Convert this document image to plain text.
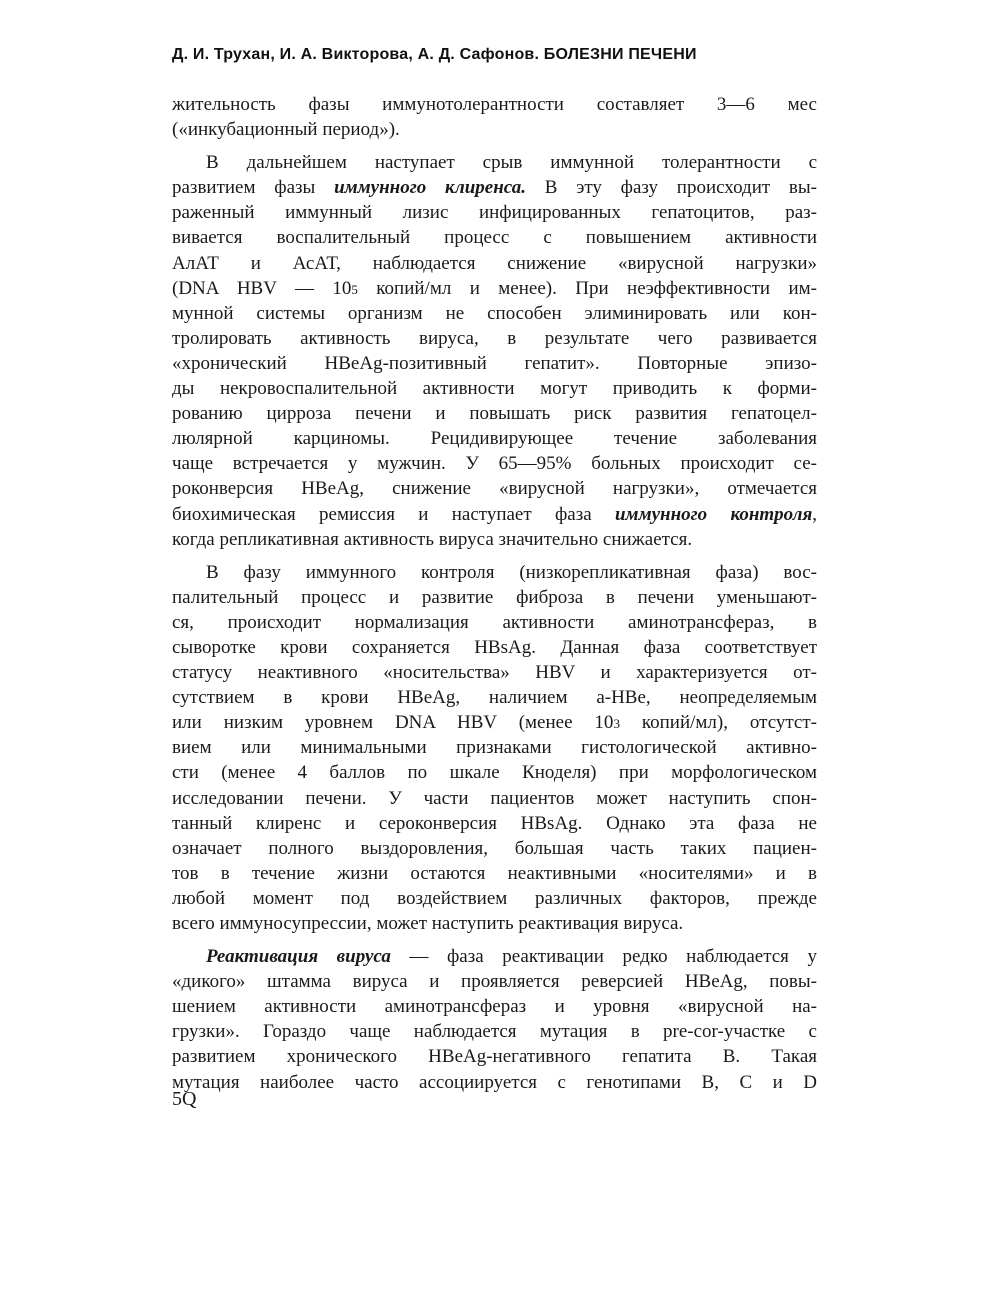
Д. И. Трухан, И. А. Викторова, А. Д. Сафонов. БОЛЕЗНИ ПЕЧЕНИ
жительность фазы иммунотолерантности составляет 3—6 мес
(«инкубационный период»).
В дальнейшем наступает срыв иммунной толерантности с
развитием фазы иммунного клиренса. В эту фазу происходит вы-
раженный иммунный лизис инфицированных гепатоцитов, раз-
вивается воспалительный процесс с повышением активности
АлАТ и АсАТ, наблюдается снижение «вирусной нагрузки»
(DNA HBV — 105 копий/мл и менее). При неэффективности им-
мунной системы организм не способен элиминировать или кон-
тролировать активность вируса, в результате чего развивается
«хронический HBeAg-позитивный гепатит». Повторные эпизо-
ды некровоспалительной активности могут приводить к форми-
рованию цирроза печени и повышать риск развития гепатоцел-
люлярной карциномы. Рецидивирующее течение заболевания
чаще встречается у мужчин. У 65—95% больных происходит се-
роконверсия HBeAg, снижение «вирусной нагрузки», отмечается
биохимическая ремиссия и наступает фаза иммунного контроля,
когда репликативная активность вируса значительно снижается.
В фазу иммунного контроля (низкорепликативная фаза) вос-
палительный процесс и развитие фиброза в печени уменьшают-
ся, происходит нормализация активности аминотрансфераз, в
сыворотке крови сохраняется HBsAg. Данная фаза соответствует
статусу неактивного «носительства» HBV и характеризуется от-
сутствием в крови HBeAg, наличием a-HBe, неопределяемым
или низким уровнем DNA HBV (менее 103 копий/мл), отсутст-
вием или минимальными признаками гистологической активно-
сти (менее 4 баллов по шкале Кноделя) при морфологическом
исследовании печени. У части пациентов может наступить спон-
танный клиренс и сероконверсия HBsAg. Однако эта фаза не
означает полного выздоровления, большая часть таких пациен-
тов в течение жизни остаются неактивными «носителями» и в
любой момент под воздействием различных факторов, прежде
всего иммуносупрессии, может наступить реактивация вируса.
Реактивация вируса — фаза реактивации редко наблюдается у
«дикого» штамма вируса и проявляется реверсией HBeAg, повы-
шением активности аминотрансфераз и уровня «вирусной на-
грузки». Гораздо чаще наблюдается мутация в pre-cor-участке с
развитием хронического HBeAg-негативного гепатита В. Такая
мутация наиболее часто ассоциируется с генотипами В, С и D
5Q
